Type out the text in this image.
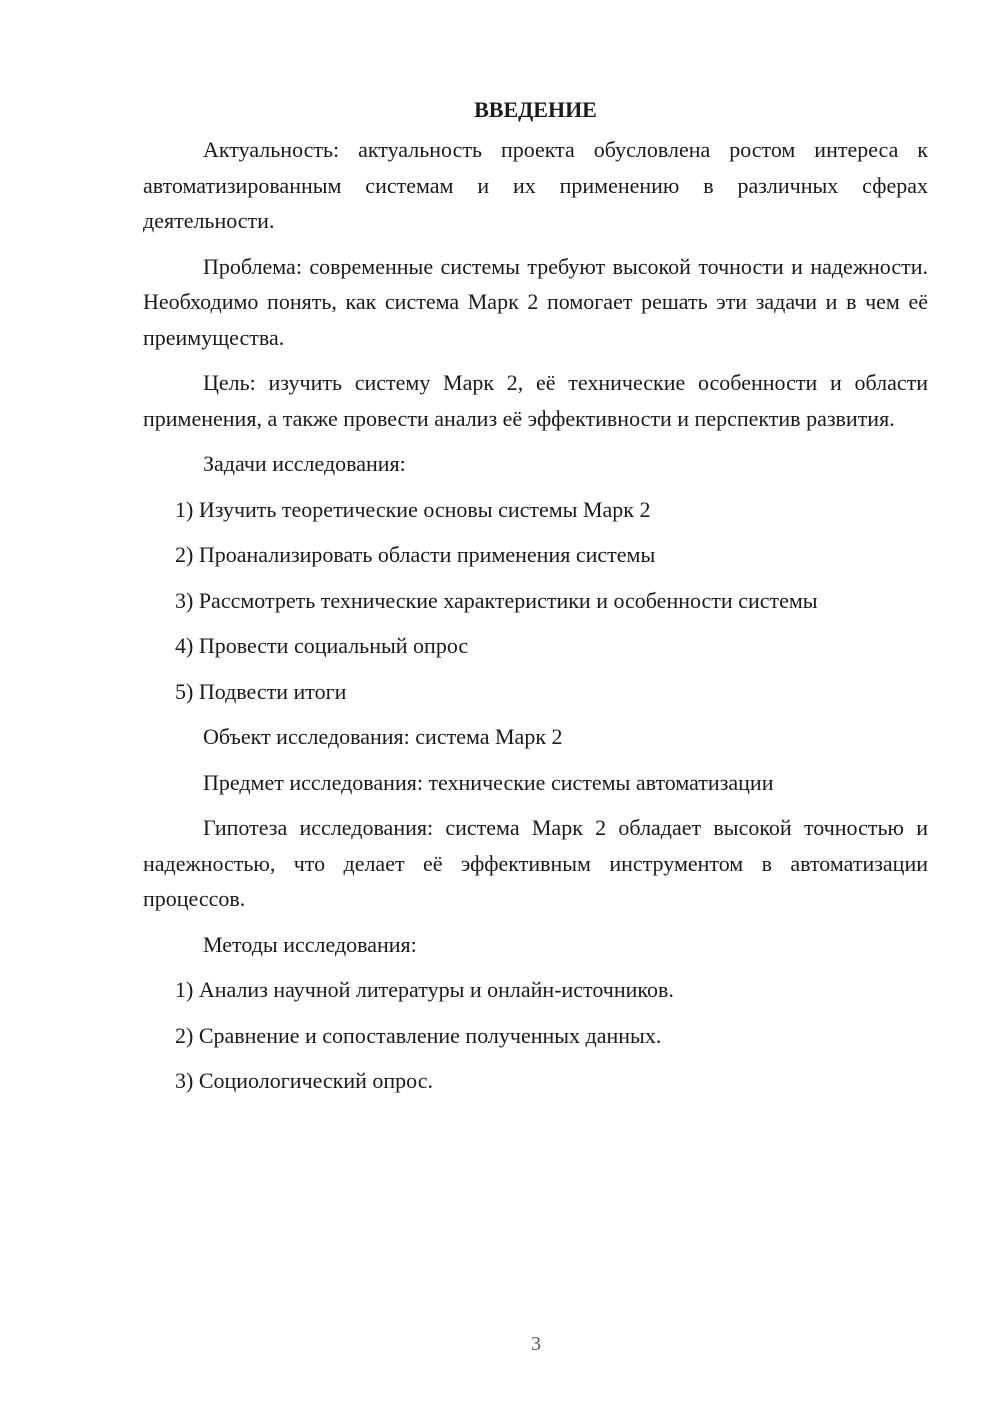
ВВЕДЕНИЕ

Актуальность: актуальность проекта обусловлена ростом интереса к автоматизированным системам и их применению в различных сферах деятельности.

Проблема: современные системы требуют высокой точности и надежности. Необходимо понять, как система Марк 2 помогает решать эти задачи и в чем её преимущества.

Цель: изучить систему Марк 2, её технические особенности и области применения, а также провести анализ её эффективности и перспектив развития.

Задачи исследования:

1) Изучить теоретические основы системы Марк 2

2) Проанализировать области применения системы

3) Рассмотреть технические характеристики и особенности системы

4) Провести социальный опрос

5) Подвести итоги

Объект исследования: система Марк 2

Предмет исследования: технические системы автоматизации

Гипотеза исследования: система Марк 2 обладает высокой точностью и надежностью, что делает её эффективным инструментом в автоматизации процессов.

Методы исследования:

1) Анализ научной литературы и онлайн-источников.

2) Сравнение и сопоставление полученных данных.

3) Социологический опрос.

3
